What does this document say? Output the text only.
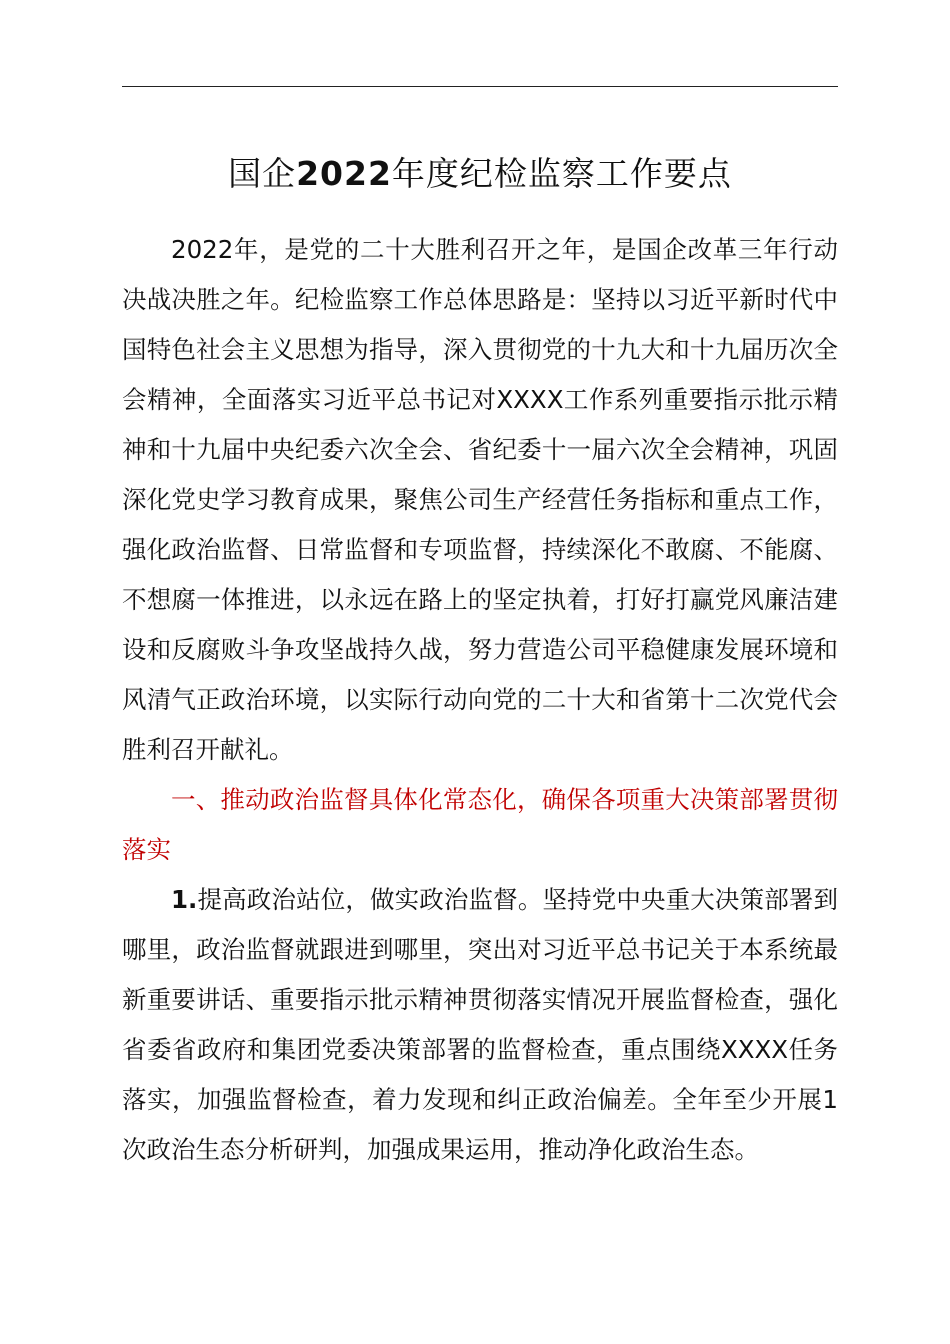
国企2022年度纪检监察工作要点

2022年，是党的二十大胜利召开之年，是国企改革三年行动决战决胜之年。纪检监察工作总体思路是：坚持以习近平新时代中国特色社会主义思想为指导，深入贯彻党的十九大和十九届历次全会精神，全面落实习近平总书记对XXXX工作系列重要指示批示精神和十九届中央纪委六次全会、省纪委十一届六次全会精神，巩固深化党史学习教育成果，聚焦公司生产经营任务指标和重点工作，强化政治监督、日常监督和专项监督，持续深化不敢腐、不能腐、不想腐一体推进，以永远在路上的坚定执着，打好打赢党风廉洁建设和反腐败斗争攻坚战持久战，努力营造公司平稳健康发展环境和风清气正政治环境，以实际行动向党的二十大和省第十二次党代会胜利召开献礼。

一、推动政治监督具体化常态化，确保各项重大决策部署贯彻落实

1.提高政治站位，做实政治监督。坚持党中央重大决策部署到哪里，政治监督就跟进到哪里，突出对习近平总书记关于本系统最新重要讲话、重要指示批示精神贯彻落实情况开展监督检查，强化省委省政府和集团党委决策部署的监督检查，重点围绕XXXX任务落实，加强监督检查，着力发现和纠正政治偏差。全年至少开展1次政治生态分析研判，加强成果运用，推动净化政治生态。
